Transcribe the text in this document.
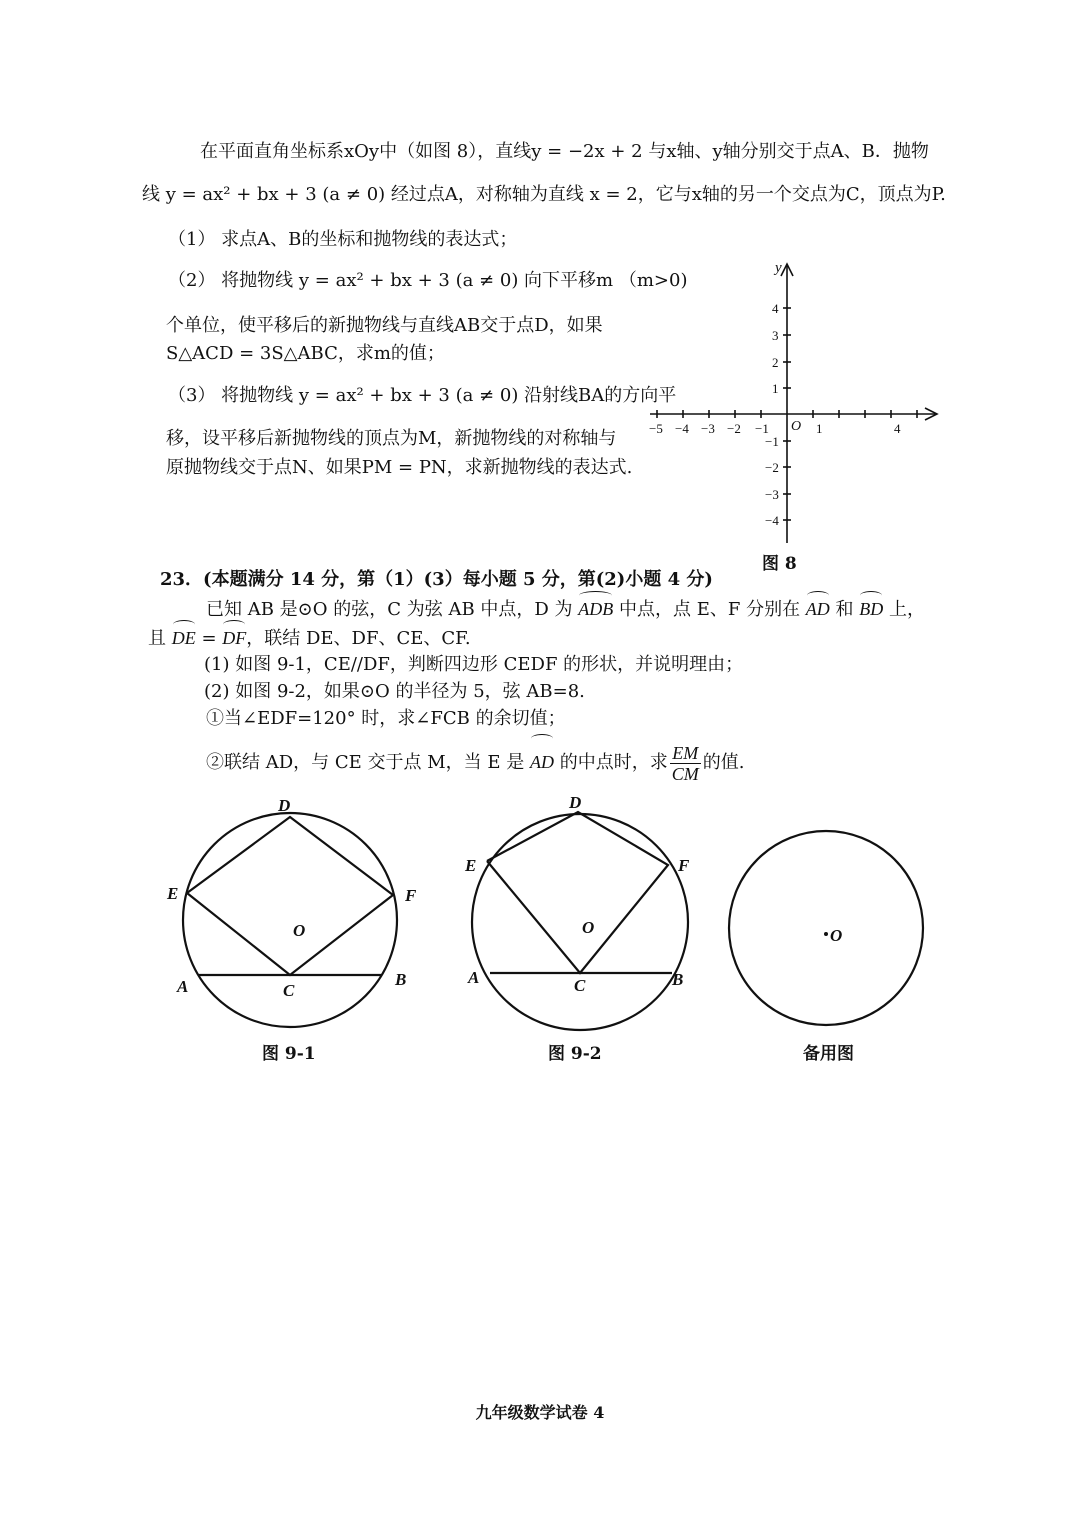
在平面直角坐标系xOy中（如图 8），直线y = −2x + 2 与x轴、y轴分别交于点A、B．抛物
线 y = ax² + bx + 3 (a ≠ 0) 经过点A，对称轴为直线 x = 2，它与x轴的另一个交点为C，顶点为P.
（1） 求点A、B的坐标和抛物线的表达式；
（2） 将抛物线 y = ax² + bx + 3 (a ≠ 0) 向下平移m （m>0)
个单位，使平移后的新抛物线与直线AB交于点D，如果
S△ACD = 3S△ABC，求m的值；
（3） 将抛物线 y = ax² + bx + 3 (a ≠ 0) 沿射线BA的方向平
移，设平移后新抛物线的顶点为M，新抛物线的对称轴与
原抛物线交于点N、如果PM = PN，求新抛物线的表达式.
y
O
−5 −4 −3 −2 −1	1	4
4
3
2
1
−1
−2
−3
−4
图 8
23．(本题满分 14 分，第（1）(3）每小题 5 分，第(2)小题 4 分)
已知 AB 是⊙O 的弦，C 为弦 AB 中点，D 为 ADB 中点，点 E、F 分别在 AD 和 BD 上，
且 DE = DF，联结 DE、DF、CE、CF.
(1) 如图 9-1，CE//DF，判断四边形 CEDF 的形状，并说明理由；
(2) 如图 9-2，如果⊙O 的半径为 5，弦 AB=8.
①当∠EDF=120° 时，求∠FCB 的余切值；
②联结 AD，与 CE 交于点 M，当 E 是 AD 的中点时，求 $\frac{EM}{CM}$ 的值.
D
E	F
O
A	B
C
图 9-1
D
E	F
O
A	B
C
图 9-2
O
备用图
九年级数学试卷 4
